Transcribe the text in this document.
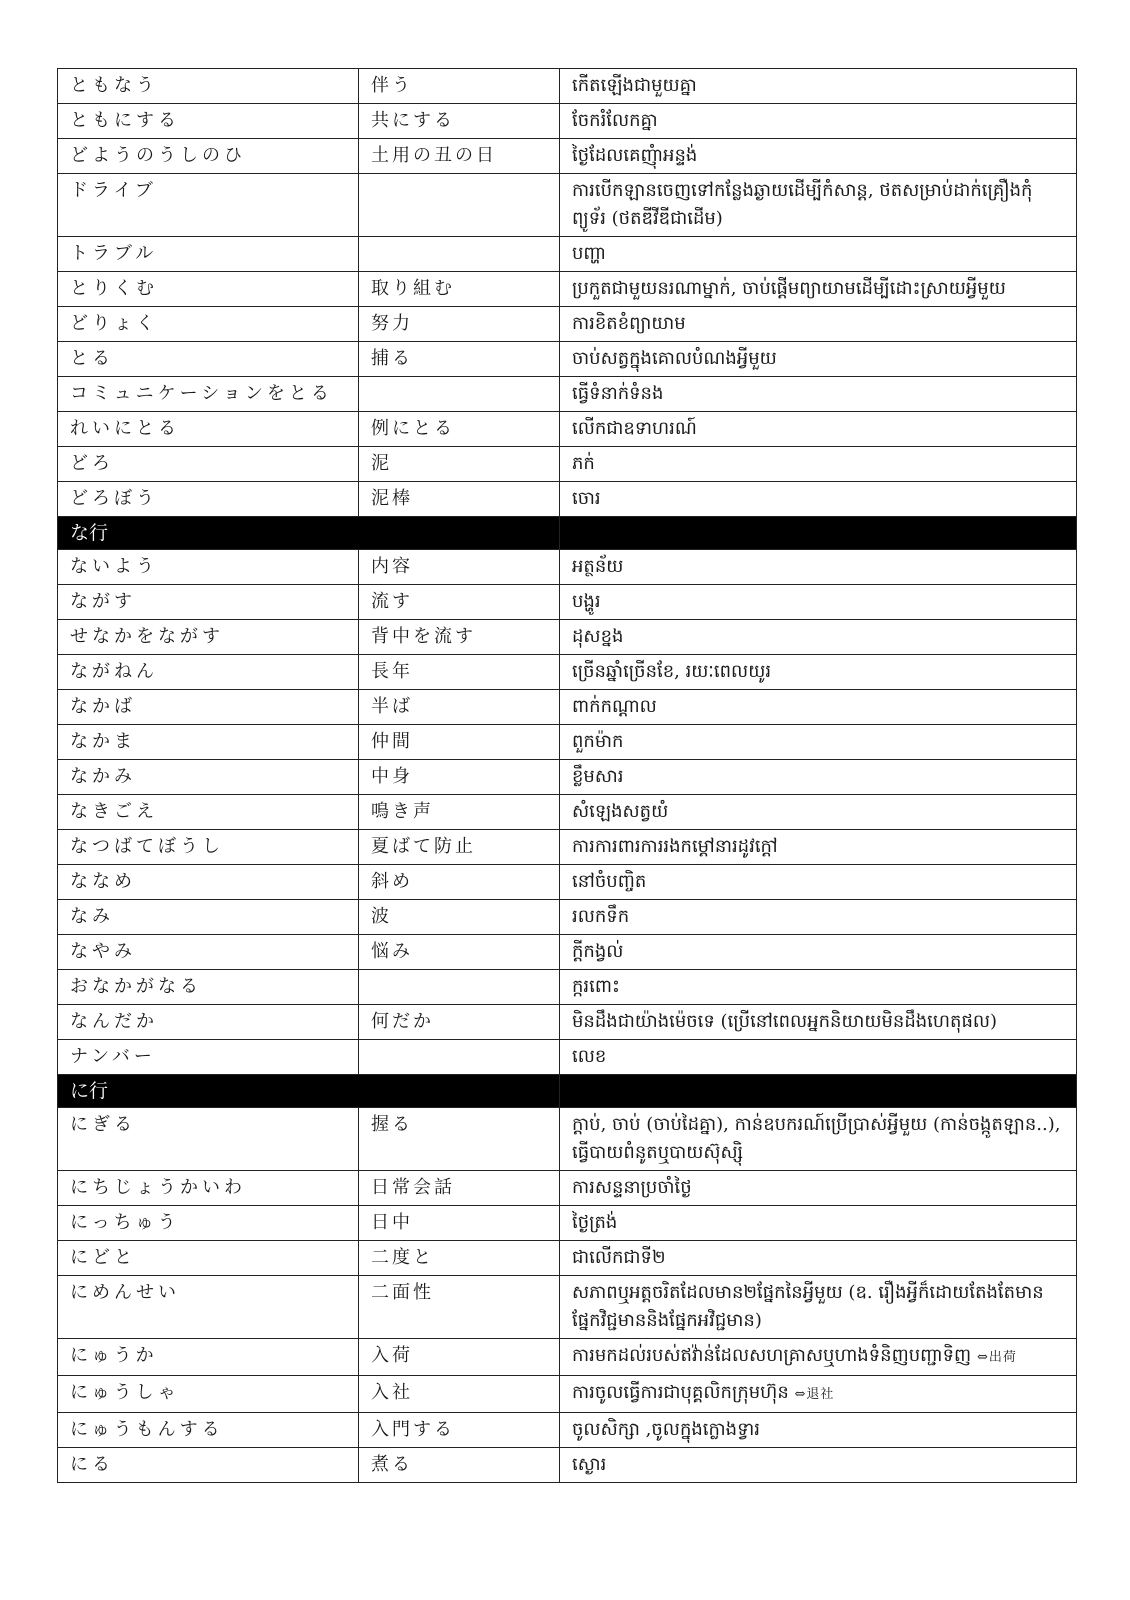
ともなう	伴う	កើតឡើងជាមួយគ្នា
ともにする	共にする	ចែករំលែកគ្នា
どようのうしのひ	土用の丑の日	ថ្ងៃដែលគេញុំាអន្ទង់
ドライブ		ការបើកឡានចេញទៅកន្លែងឆ្ងាយដើម្បីកំសាន្ត, ថតសម្រាប់ដាក់គ្រឿងកុំព្យូទ័រ (ថតឌីវីឌីជាដើម)
トラブル		បញ្ហា
とりくむ	取り組む	ប្រកួតជាមួយនរណាម្នាក់, ចាប់ផ្តើមព្យាយាមដើម្បីដោះស្រាយអ្វីមួយ
どりょく	努力	ការខិតខំព្យាយាម
とる	捕る	ចាប់សត្វក្នុងគោលបំណងអ្វីមួយ
コミュニケーションをとる		ធ្វើទំនាក់ទំនង
れいにとる	例にとる	លើកជាឧទាហរណ៍
どろ	泥	ភក់
どろぼう	泥棒	ចោរ
な行		
ないよう	内容	អត្ថន័យ
ながす	流す	បង្ហូរ
せなかをながす	背中を流す	ដុសខ្នង
ながねん	長年	ច្រើនឆ្នាំច្រើនខែ, រយៈពេលយូរ
なかば	半ば	ពាក់កណ្តាល
なかま	仲間	ពួកម៉ាក
なかみ	中身	ខ្លឹមសារ
なきごえ	鳴き声	សំឡេងសត្វយំ
なつばてぼうし	夏ばて防止	ការការពារការរងកម្តៅនារដូវក្តៅ
ななめ	斜め	នៅចំបញ្ចិត
なみ	波	រលកទឹក
なやみ	悩み	ក្តីកង្វល់
おなかがなる		ក្ករពោះ
なんだか	何だか	មិនដឹងជាយ៉ាងម៉េចទេ (ប្រើនៅពេលអ្នកនិយាយមិនដឹងហេតុផល)
ナンバー		លេខ
に行		
にぎる	握る	ក្តាប់, ចាប់ (ចាប់ដៃគ្នា), កាន់ឧបករណ៍ប្រើប្រាស់អ្វីមួយ (កាន់ចង្កូតឡាន..), ធ្វើបាយពំនូតឬបាយស៊ុស្ស៊ិ
にちじょうかいわ	日常会話	ការសន្ទនាប្រចាំថ្ងៃ
にっちゅう	日中	ថ្ងៃត្រង់
にどと	二度と	ជាលើកជាទី២
にめんせい	二面性	សភាពឬអត្តចរិតដែលមាន២ផ្នែកនៃអ្វីមួយ (ឧ. រឿងអ្វីក៏ដោយតែងតែមានផ្នែកវិជ្ជមាននិងផ្នែកអវិជ្ជមាន)
にゅうか	入荷	ការមកដល់របស់ឥវ៉ាន់ដែលសហគ្រាសឬហាងទំនិញបញ្ជាទិញ ⇔出荷
にゅうしゃ	入社	ការចូលធ្វើការជាបុគ្គលិកក្រុមហ៊ុន ⇔退社
にゅうもんする	入門する	ចូលសិក្សា ,ចូលក្នុងក្លោងទ្វារ
にる	煮る	ស្ងោរ
